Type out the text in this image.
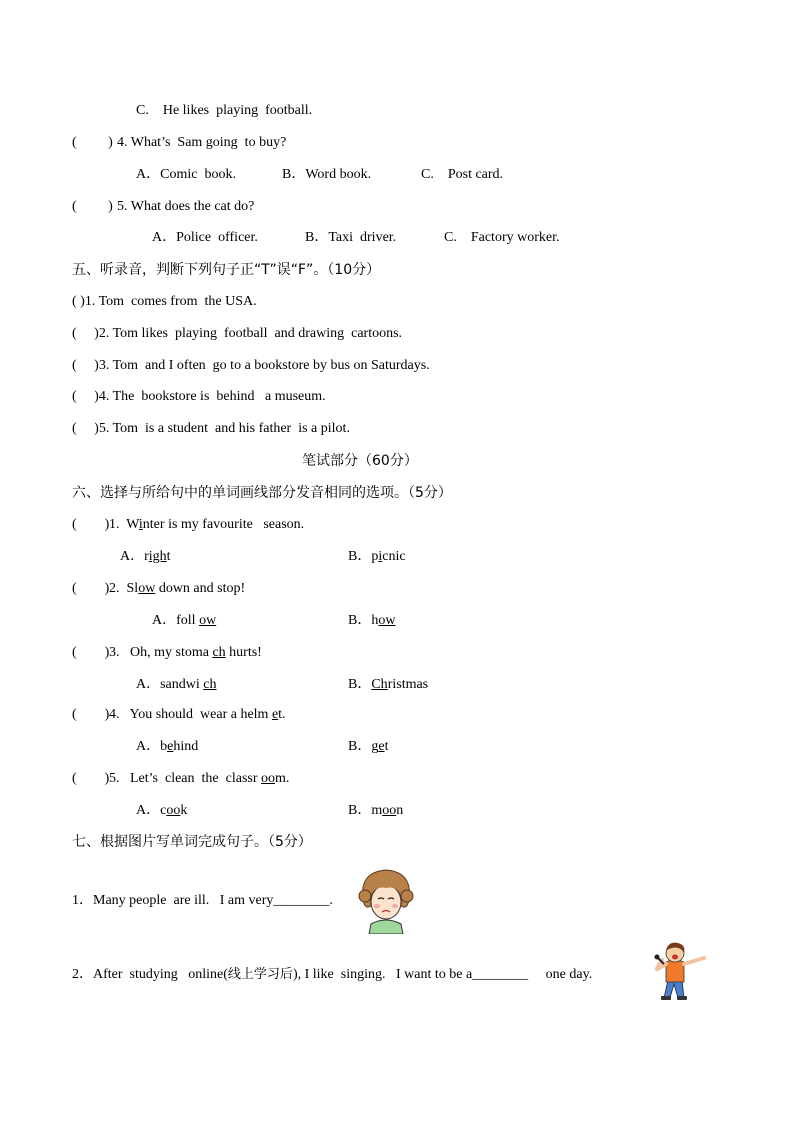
C.    He likes  playing  football.
(         ) 4. What’s  Sam going  to buy?
A．Comic  book.	B．Word book.	C.    Post card.
(         ) 5. What does the cat do?
A．Police  officer.	B．Taxi  driver.	C.    Factory worker.
五、听录音，判断下列句子正“T”误“F”。（10分）
( )1. Tom  comes from  the USA.
(     )2. Tom likes  playing  football  and drawing  cartoons.
(     )3. Tom  and I often  go to a bookstore by bus on Saturdays.
(     )4. The  bookstore is  behind   a museum.
(     )5. Tom  is a student  and his father  is a pilot.
笔试部分（60分）
六、选择与所给句中的单词画线部分发音相同的选项。（5分）
(        ) 1.  Winter is my favourite   season.
A．right	B．picnic
(        ) 2.  Slow down and stop!
A．foll ow	B．how
(        ) 3.   Oh, my stoma ch hurts!
A．sandwi ch	B．Christmas
(        ) 4.   You should  wear a helm et.
A．behind	B．get
(        ) 5.   Let’s  clean  the  classr oom.
A．cook	B．moon
七、根据图片写单词完成句子。（5分）
1．Many people  are ill.   I am very________.
2．After  studying   online(线上学习后), I like  singing.   I want to be a________     one day.
